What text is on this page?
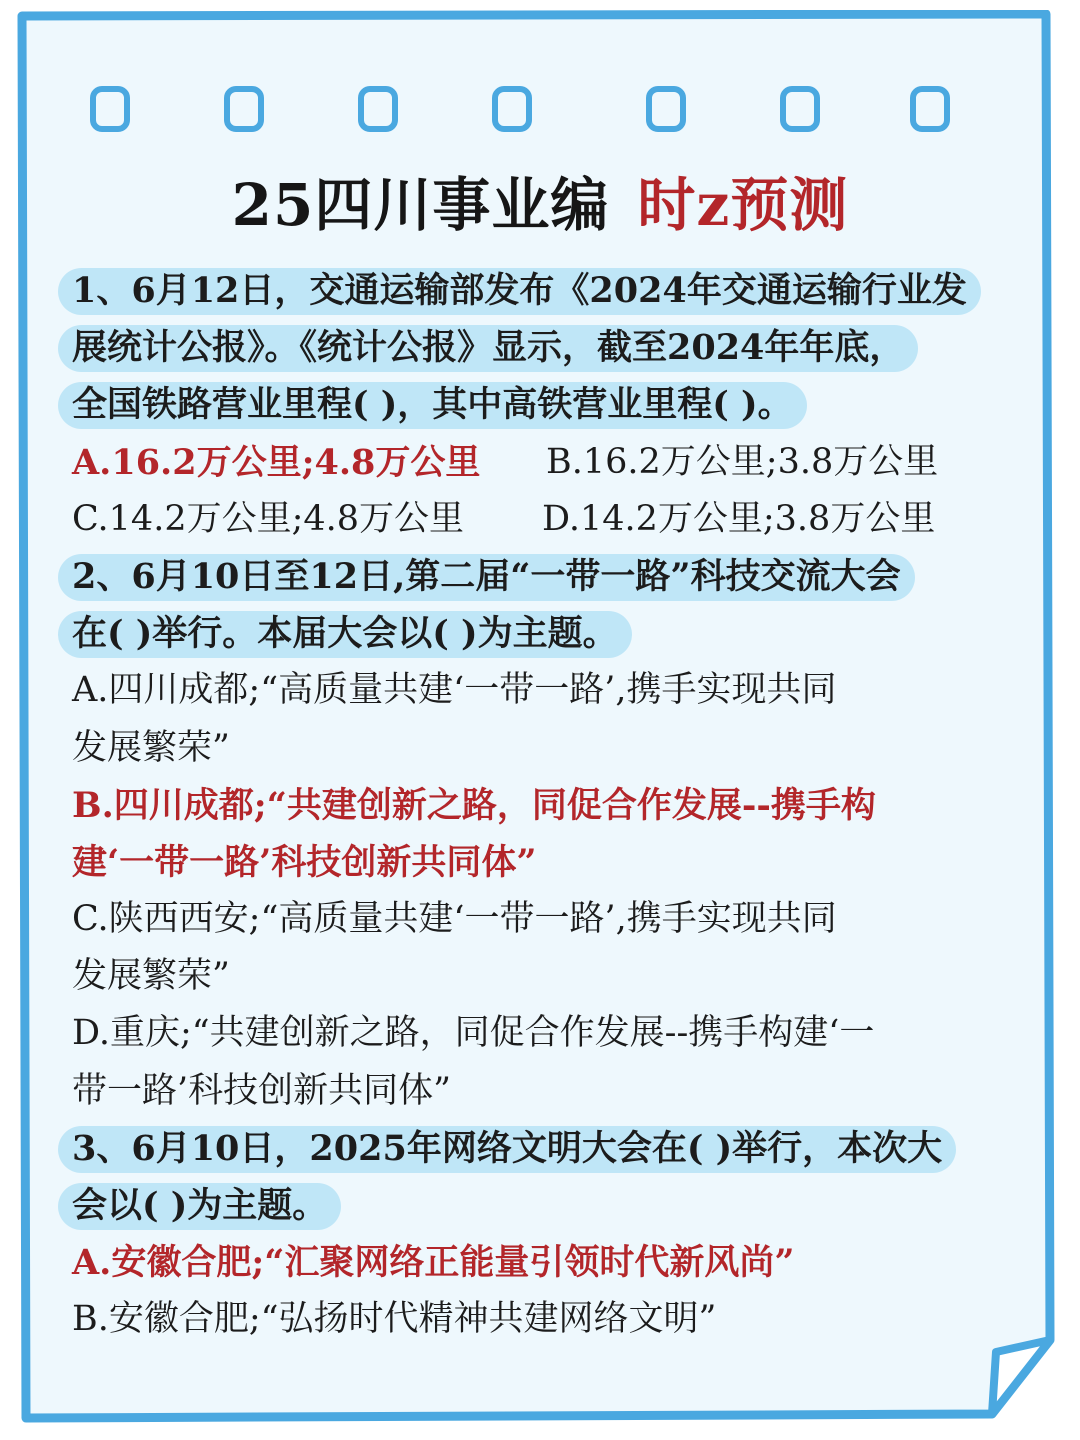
25四川事业编 时z预测
1、6月12日，交通运输部发布《2024年交通运输行业发
展统计公报》。《统计公报》显示，截至2024年年底，
全国铁路营业里程( )，其中高铁营业里程( )。
A.16.2万公里;4.8万公里 B.16.2万公里;3.8万公里
C.14.2万公里;4.8万公里 D.14.2万公里;3.8万公里
2、6月10日至12日,第二届“一带一路”科技交流大会
在( )举行。本届大会以( )为主题。
A.四川成都;“高质量共建‘一带一路’,携手实现共同
发展繁荣”
B.四川成都;“共建创新之路，同促合作发展--携手构
建‘一带一路’科技创新共同体”
C.陕西西安;“高质量共建‘一带一路’,携手实现共同
发展繁荣”
D.重庆;“共建创新之路，同促合作发展--携手构建‘一
带一路’科技创新共同体”
3、6月10日，2025年网络文明大会在( )举行，本次大
会以( )为主题。
A.安徽合肥;“汇聚网络正能量引领时代新风尚”
B.安徽合肥;“弘扬时代精神共建网络文明”
